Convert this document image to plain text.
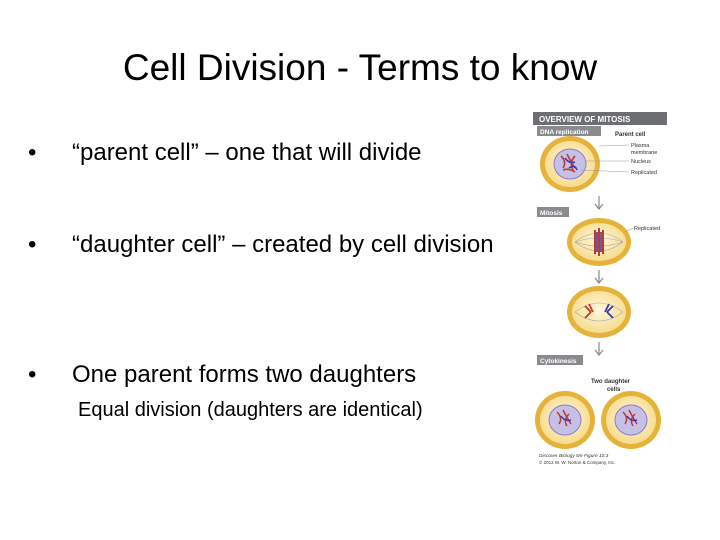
Cell Division - Terms to know
•	“parent cell” – one that will divide
•	“daughter cell” – created by cell division
•	One parent forms two daughters
Equal division (daughters are identical)
OVERVIEW OF MITOSIS
DNA replication	Parent cell
Plasma
membrane
Nucleus
Replicated
Mitosis
Replicated
Cytokinesis
Two daughter
cells
Discover Biology 5/e Figure 10.3
© 2012 W. W. Norton & Company, Inc.
